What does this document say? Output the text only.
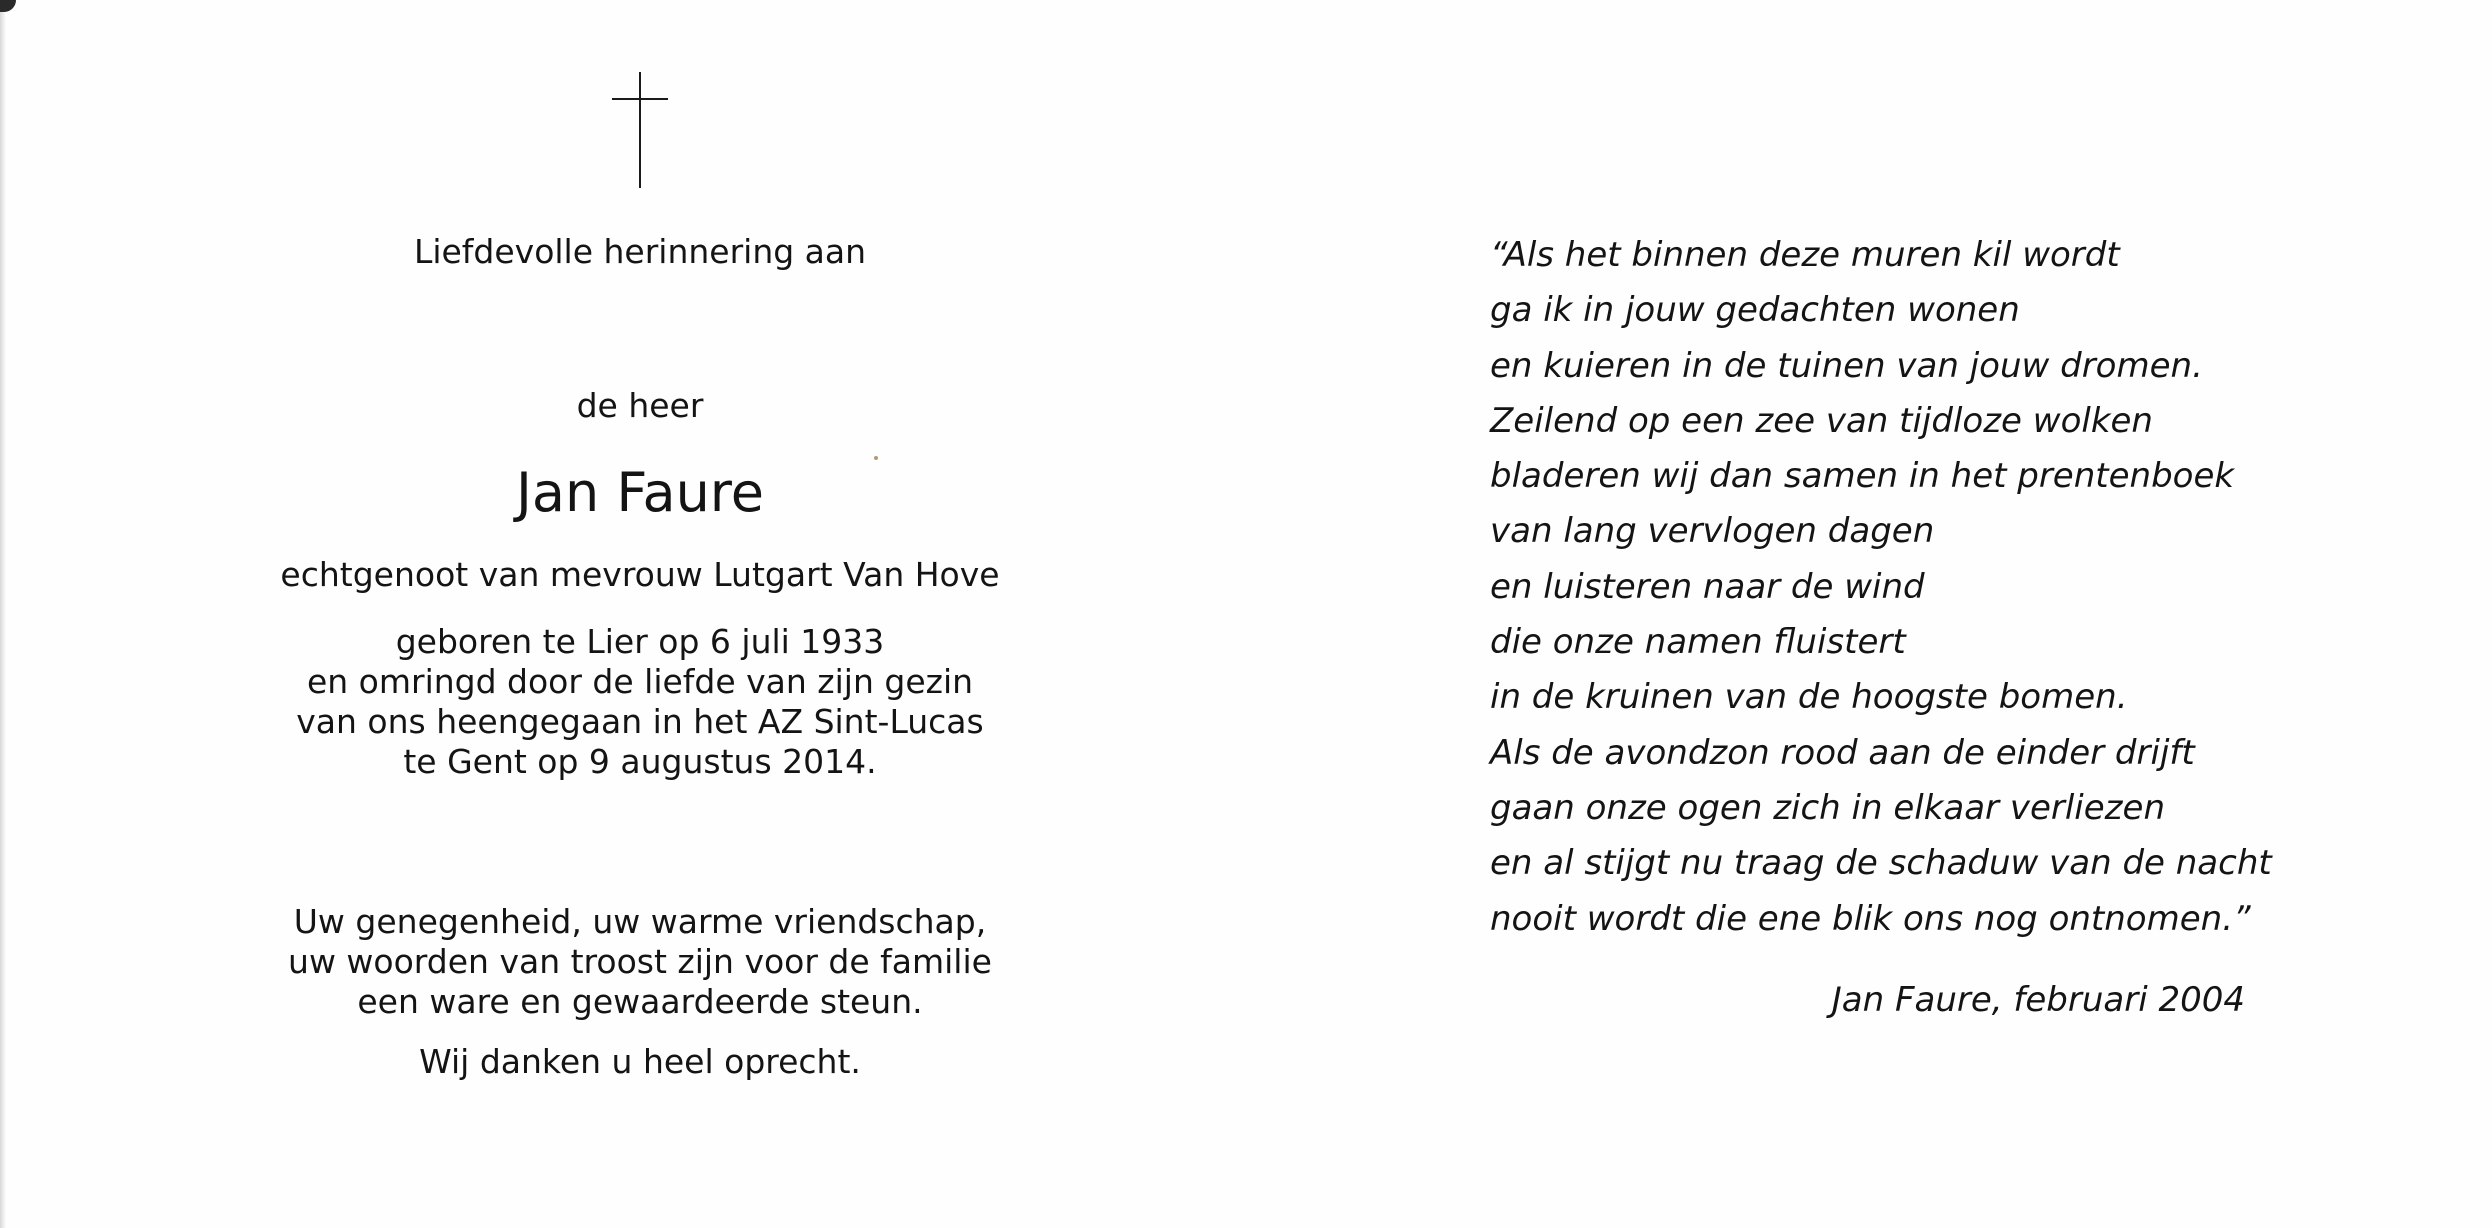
Liefdevolle herinnering aan
de heer
Jan Faure
echtgenoot van mevrouw Lutgart Van Hove
geboren te Lier op 6 juli 1933
en omringd door de liefde van zijn gezin
van ons heengegaan in het AZ Sint-Lucas
te Gent op 9 augustus 2014.
Uw genegenheid, uw warme vriendschap,
uw woorden van troost zijn voor de familie
een ware en gewaardeerde steun.
Wij danken u heel oprecht.
“Als het binnen deze muren kil wordt
ga ik in jouw gedachten wonen
en kuieren in de tuinen van jouw dromen.
Zeilend op een zee van tijdloze wolken
bladeren wij dan samen in het prentenboek
van lang vervlogen dagen
en luisteren naar de wind
die onze namen fluistert
in de kruinen van de hoogste bomen.
Als de avondzon rood aan de einder drijft
gaan onze ogen zich in elkaar verliezen
en al stijgt nu traag de schaduw van de nacht
nooit wordt die ene blik ons nog ontnomen.”
Jan Faure, februari 2004
